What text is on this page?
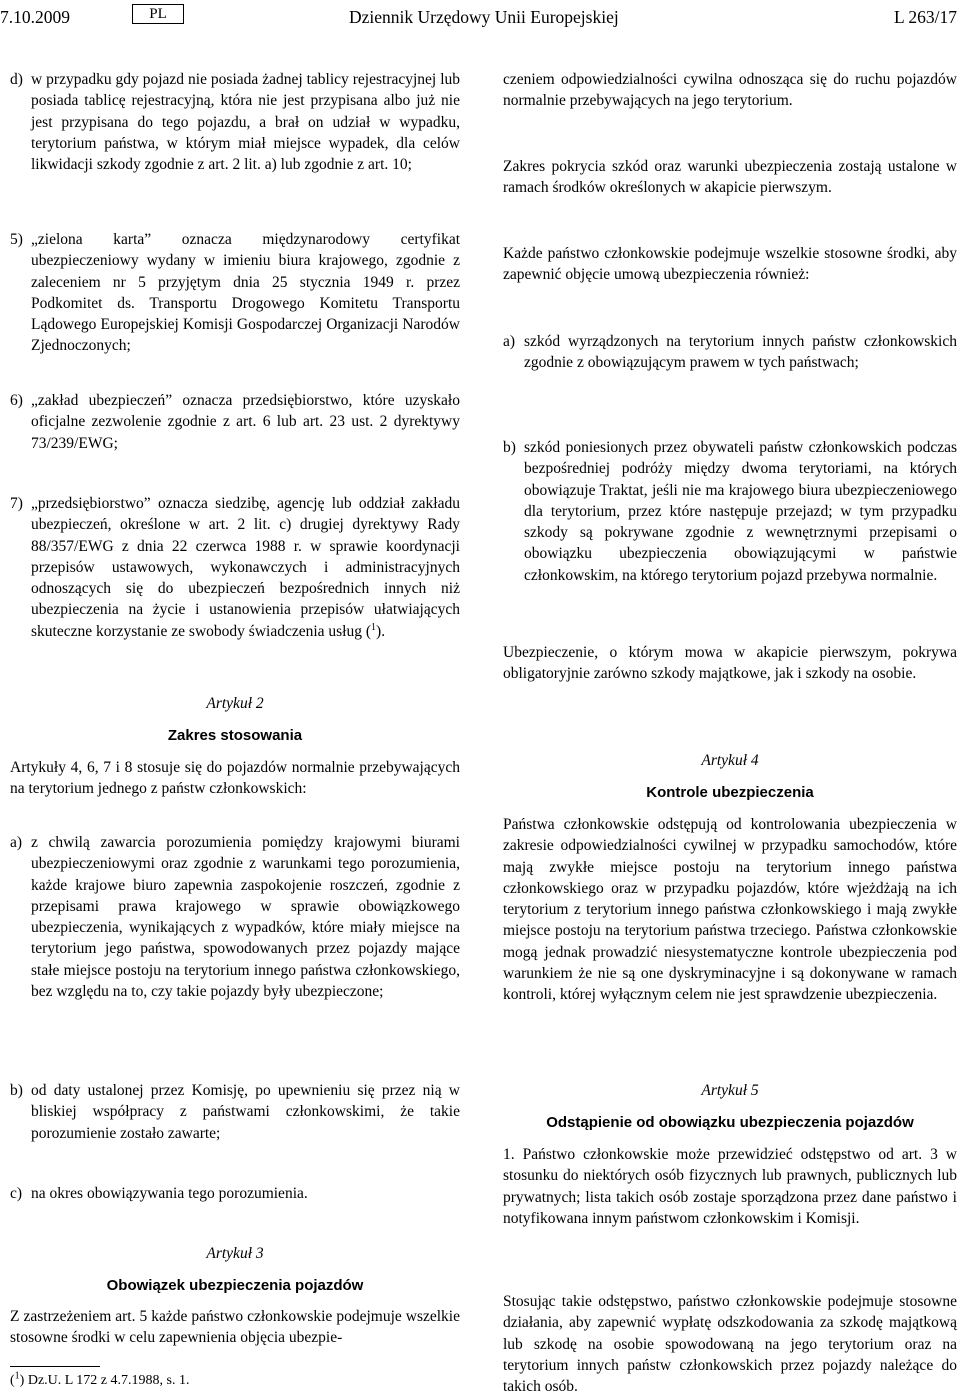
7.10.2009	PL	Dziennik Urzędowy Unii Europejskiej	L 263/17
d) w przypadku gdy pojazd nie posiada żadnej tablicy rejestracyjnej lub posiada tablicę rejestracyjną, która nie jest przypisana albo już nie jest przypisana do tego pojazdu, a brał on udział w wypadku, terytorium państwa, w którym miał miejsce wypadek, dla celów likwidacji szkody zgodnie z art. 2 lit. a) lub zgodnie z art. 10;
5) „zielona karta” oznacza międzynarodowy certyfikat ubezpieczeniowy wydany w imieniu biura krajowego, zgodnie z zaleceniem nr 5 przyjętym dnia 25 stycznia 1949 r. przez Podkomitet ds. Transportu Drogowego Komitetu Transportu Lądowego Europejskiej Komisji Gospodarczej Organizacji Narodów Zjednoczonych;
6) „zakład ubezpieczeń” oznacza przedsiębiorstwo, które uzyskało oficjalne zezwolenie zgodnie z art. 6 lub art. 23 ust. 2 dyrektywy 73/239/EWG;
7) „przedsiębiorstwo” oznacza siedzibę, agencję lub oddział zakładu ubezpieczeń, określone w art. 2 lit. c) drugiej dyrektywy Rady 88/357/EWG z dnia 22 czerwca 1988 r. w sprawie koordynacji przepisów ustawowych, wykonawczych i administracyjnych odnoszących się do ubezpieczeń bezpośrednich innych niż ubezpieczenia na życie i ustanowienia przepisów ułatwiających skuteczne korzystanie ze swobody świadczenia usług ($^1$).
Artykuł 2
Zakres stosowania

Artykuły 4, 6, 7 i 8 stosuje się do pojazdów normalnie przebywających na terytorium jednego z państw członkowskich:

a) z chwilą zawarcia porozumienia pomiędzy krajowymi biurami ubezpieczeniowymi oraz zgodnie z warunkami tego porozumienia, każde krajowe biuro zapewnia zaspokojenie roszczeń, zgodnie z przepisami prawa krajowego w sprawie obowiązkowego ubezpieczenia, wynikających z wypadków, które miały miejsce na terytorium jego państwa, spowodowanych przez pojazdy mające stałe miejsce postoju na terytorium innego państwa członkowskiego, bez względu na to, czy takie pojazdy były ubezpieczone;
b) od daty ustalonej przez Komisję, po upewnieniu się przez nią w bliskiej współpracy z państwami członkowskimi, że takie porozumienie zostało zawarte;
c) na okres obowiązywania tego porozumienia.
Artykuł 3
Obowiązek ubezpieczenia pojazdów

Z zastrzeżeniem art. 5 każde państwo członkowskie podejmuje wszelkie stosowne środki w celu zapewnienia objęcia ubezpie-

($^1$) Dz.U. L 172 z 4.7.1988, s. 1.

czeniem odpowiedzialności cywilna odnosząca się do ruchu pojazdów normalnie przebywających na jego terytorium.

Zakres pokrycia szkód oraz warunki ubezpieczenia zostają ustalone w ramach środków określonych w akapicie pierwszym.

Każde państwo członkowskie podejmuje wszelkie stosowne środki, aby zapewnić objęcie umową ubezpieczenia również:

a) szkód wyrządzonych na terytorium innych państw członkowskich zgodnie z obowiązującym prawem w tych państwach;
b) szkód poniesionych przez obywateli państw członkowskich podczas bezpośredniej podróży między dwoma terytoriami, na których obowiązuje Traktat, jeśli nie ma krajowego biura ubezpieczeniowego dla terytorium, przez które następuje przejazd; w tym przypadku szkody są pokrywane zgodnie z wewnętrznymi przepisami o obowiązku ubezpieczenia obowiązującymi w państwie członkowskim, na którego terytorium pojazd przebywa normalnie.

Ubezpieczenie, o którym mowa w akapicie pierwszym, pokrywa obligatoryjnie zarówno szkody majątkowe, jak i szkody na osobie.

Artykuł 4
Kontrole ubezpieczenia

Państwa członkowskie odstępują od kontrolowania ubezpieczenia w zakresie odpowiedzialności cywilnej w przypadku samochodów, które mają zwykłe miejsce postoju na terytorium innego państwa członkowskiego oraz w przypadku pojazdów, które wjeżdżają na ich terytorium z terytorium innego państwa członkowskiego i mają zwykłe miejsce postoju na terytorium państwa trzeciego. Państwa członkowskie mogą jednak prowadzić niesystematyczne kontrole ubezpieczenia pod warunkiem że nie są one dyskryminacyjne i są dokonywane w ramach kontroli, której wyłącznym celem nie jest sprawdzenie ubezpieczenia.

Artykuł 5
Odstąpienie od obowiązku ubezpieczenia pojazdów

1. Państwo członkowskie może przewidzieć odstępstwo od art. 3 w stosunku do niektórych osób fizycznych lub prawnych, publicznych lub prywatnych; lista takich osób zostaje sporządzona przez dane państwo i notyfikowana innym państwom członkowskim i Komisji.

Stosując takie odstępstwo, państwo członkowskie podejmuje stosowne działania, aby zapewnić wypłatę odszkodowania za szkodę majątkową lub szkodę na osobie spowodowaną na jego terytorium oraz na terytorium innych państw członkowskich przez pojazdy należące do takich osób.
